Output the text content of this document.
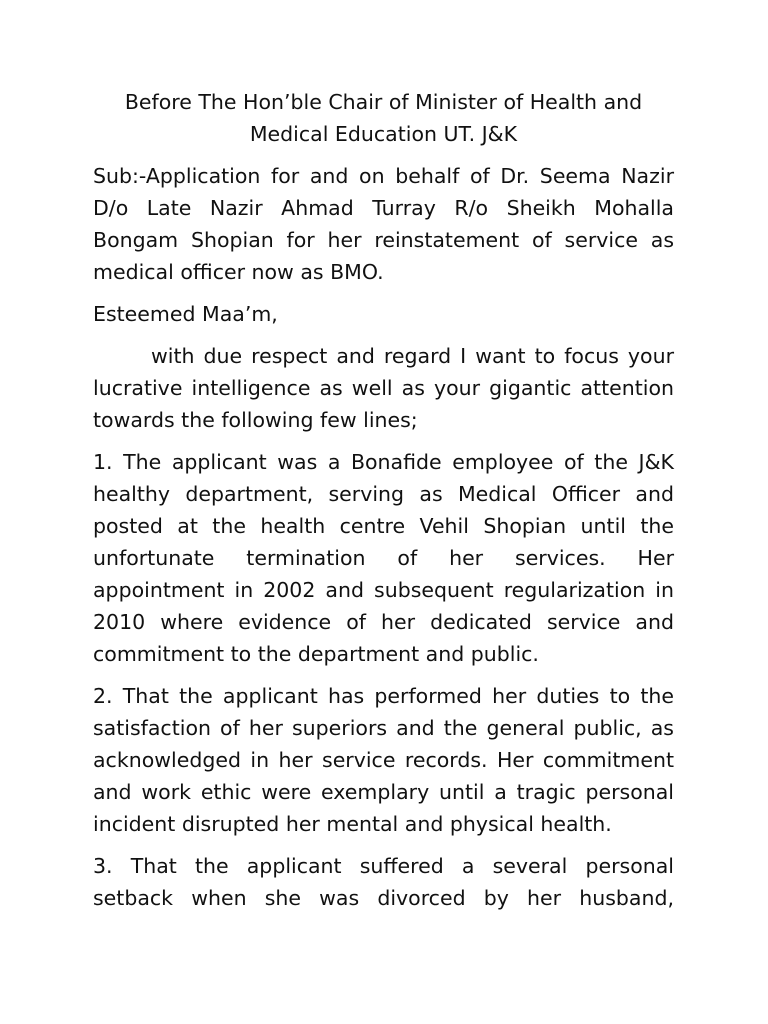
Before The Hon’ble Chair of Minister of Health and
Medical Education UT. J&K

Sub:-Application for and on behalf of Dr. Seema Nazir D/o Late Nazir Ahmad Turray R/o Sheikh Mohalla Bongam Shopian for her reinstatement of service as medical officer now as BMO.

Esteemed Maa’m,

with due respect and regard I want to focus your lucrative intelligence as well as your gigantic attention towards the following few lines;

1. The applicant was a Bonafide employee of the J&K healthy department, serving as Medical Officer and posted at the health centre Vehil Shopian until the unfortunate termination of her services. Her appointment in 2002 and subsequent regularization in 2010 where evidence of her dedicated service and commitment to the department and public.

2. That the applicant has performed her duties to the satisfaction of her superiors and the general public, as acknowledged in her service records. Her commitment and work ethic were exemplary until a tragic personal incident disrupted her mental and physical health.

3. That the applicant suffered a several personal setback when she was divorced by her husband,
